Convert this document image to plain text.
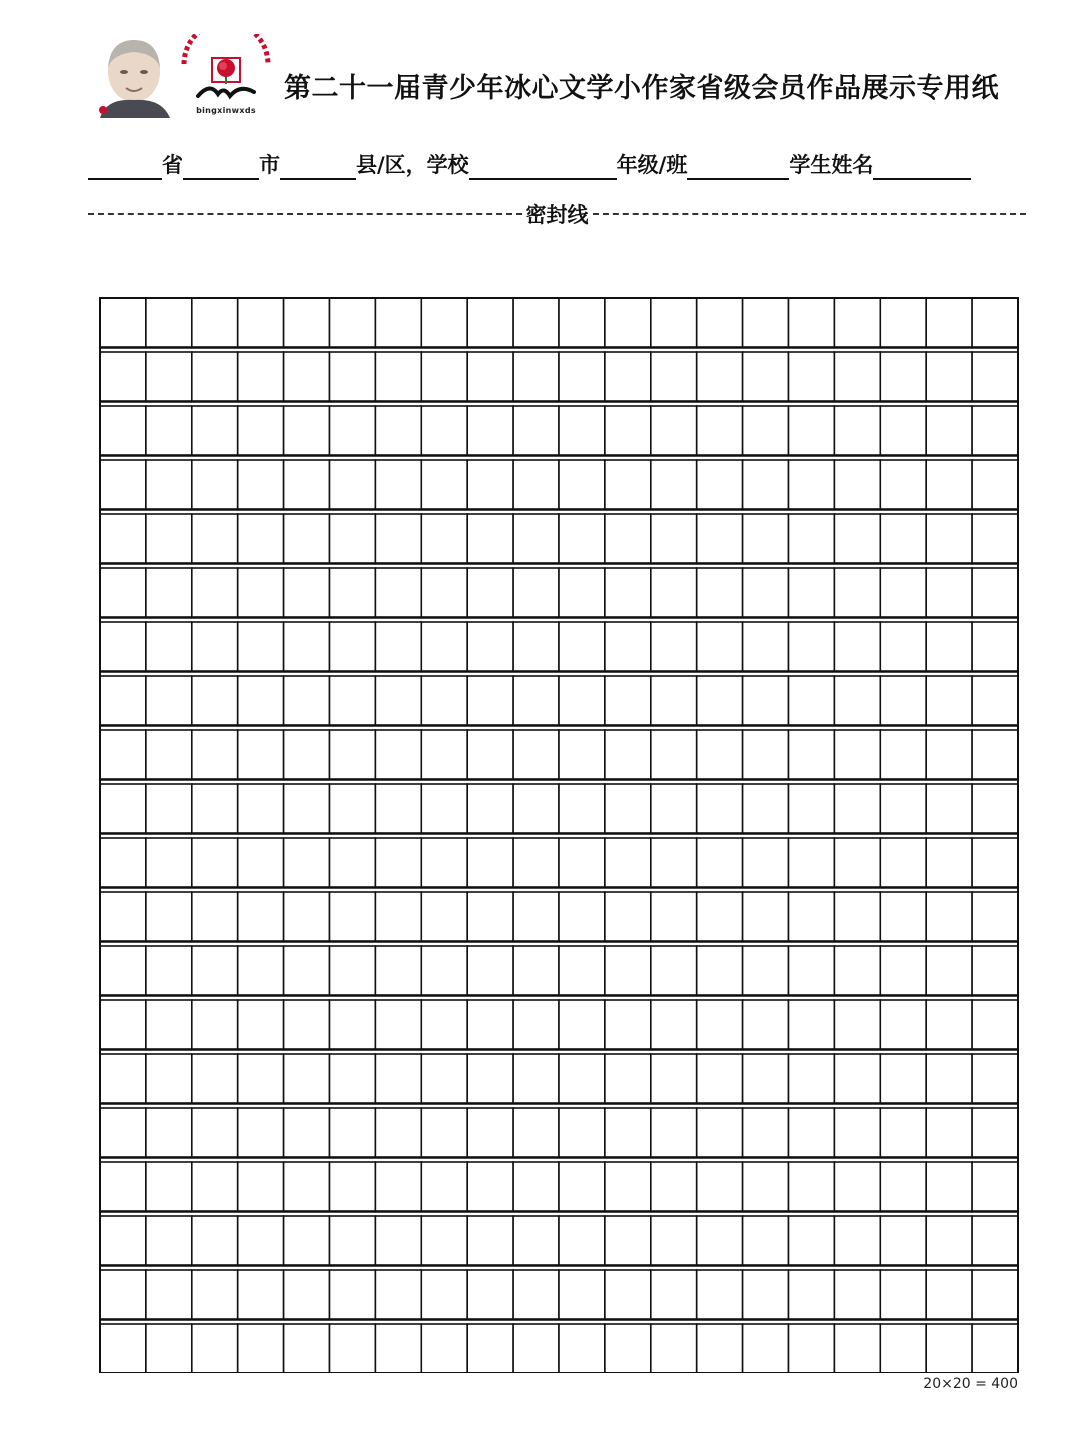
bingxinwxds
第二十一届青少年冰心文学小作家省级会员作品展示专用纸
省	市	县/区，学校	年级/班	学生姓名
密封线
20×20 = 400
